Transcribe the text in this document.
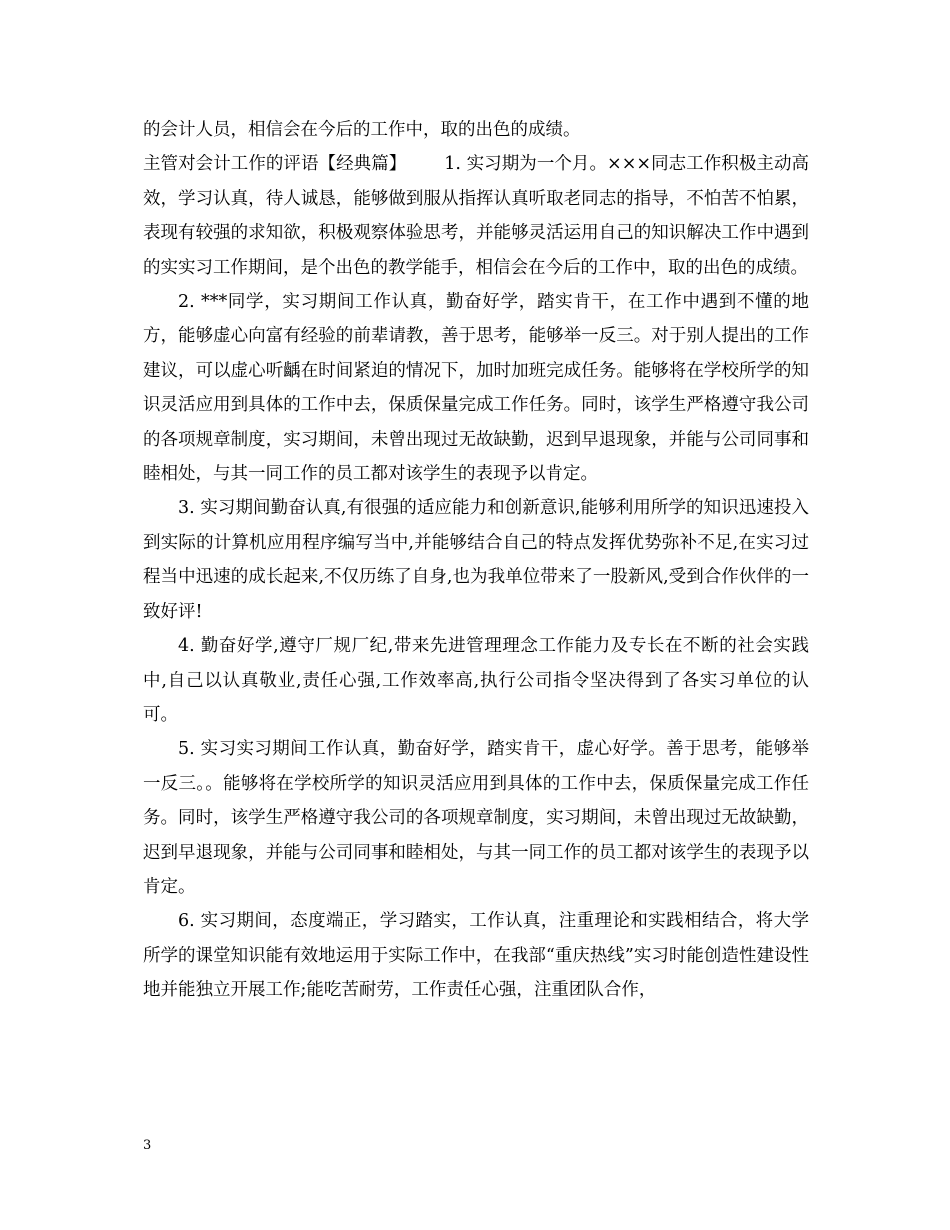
的会计人员，相信会在今后的工作中，取的出色的成绩。

主管对会计工作的评语【经典篇】 1. 实习期为一个月。×××同志工作积极主动高效，学习认真，待人诚恳，能够做到服从指挥认真听取老同志的指导，不怕苦不怕累，表现有较强的求知欲，积极观察体验思考，并能够灵活运用自己的知识解决工作中遇到的实实习工作期间，是个出色的教学能手，相信会在今后的工作中，取的出色的成绩。

2. ***同学，实习期间工作认真，勤奋好学，踏实肯干，在工作中遇到不懂的地方，能够虚心向富有经验的前辈请教，善于思考，能够举一反三。对于别人提出的工作建议，可以虚心听齲在时间紧迫的情况下，加时加班完成任务。能够将在学校所学的知识灵活应用到具体的工作中去，保质保量完成工作任务。同时，该学生严格遵守我公司的各项规章制度，实习期间，未曾出现过无故缺勤，迟到早退现象，并能与公司同事和睦相处，与其一同工作的员工都对该学生的表现予以肯定。

3. 实习期间勤奋认真,有很强的适应能力和创新意识,能够利用所学的知识迅速投入到实际的计算机应用程序编写当中,并能够结合自己的特点发挥优势弥补不足,在实习过程当中迅速的成长起来,不仅历练了自身,也为我单位带来了一股新风,受到合作伙伴的一致好评!

4. 勤奋好学,遵守厂规厂纪,带来先进管理理念工作能力及专长在不断的社会实践中,自己以认真敬业,责任心强,工作效率高,执行公司指令坚决得到了各实习单位的认可。

5. 实习实习期间工作认真，勤奋好学，踏实肯干，虚心好学。善于思考，能够举一反三。。能够将在学校所学的知识灵活应用到具体的工作中去，保质保量完成工作任务。同时，该学生严格遵守我公司的各项规章制度，实习期间，未曾出现过无故缺勤，迟到早退现象，并能与公司同事和睦相处，与其一同工作的员工都对该学生的表现予以肯定。

6. 实习期间，态度端正，学习踏实，工作认真，注重理论和实践相结合，将大学所学的课堂知识能有效地运用于实际工作中，在我部“重庆热线”实习时能创造性建设性地并能独立开展工作;能吃苦耐劳，工作责任心强，注重团队合作，

3
